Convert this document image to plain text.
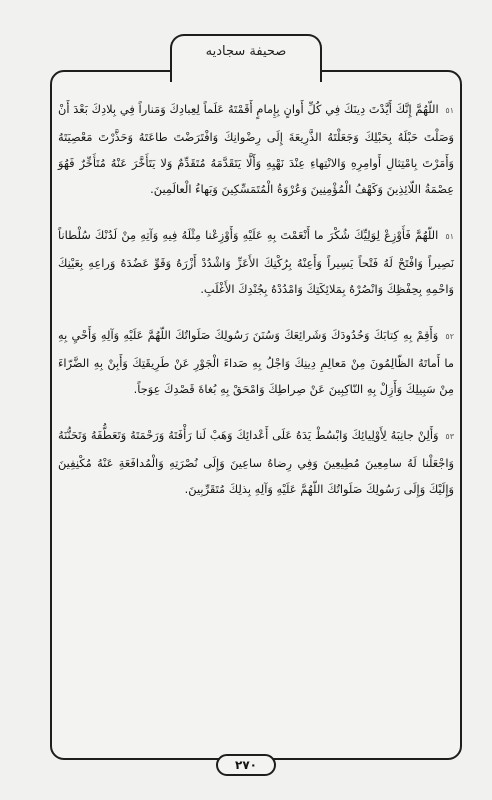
صحيفة سجاديه

٥١ اللّهُمَّ إِنَّكَ أَيَّدْتَ دِينَكَ فِي كُلِّ أَوانٍ بِإِمامٍ أَقَمْتَهُ عَلَماً لِعِبادِكَ وَمَناراً فِي بِلادِكَ بَعْدَ أَنْ وَصَلْتَ حَبْلَهُ بِحَبْلِكَ وَجَعَلْتَهُ الذَّرِيعَةَ إِلَى رِضْوانِكَ وَافْتَرَضْتَ طاعَتَهُ وَحَذَّرْتَ مَعْصِيَتَهُ وَأَمَرْتَ بِامْتِثالِ أَوامِرِهِ وَالانْتِهاءِ عِنْدَ نَهْيِهِ وَأَلَّا يَتَقَدَّمَهُ مُتَقَدِّمٌ وَلا يَتَأَخَّرَ عَنْهُ مُتَأَخِّرٌ فَهُوَ عِصْمَةُ اللّائِذِينَ وَكَهْفُ الْمُؤْمِنِينَ وَعُرْوَةُ الْمُتَمَسِّكِينَ وَبَهاءُ الْعالَمِينَ.

٥١ اللّهُمَّ فَأَوْزِعْ لِوَلِيِّكَ شُكْرَ ما أَنْعَمْتَ بِهِ عَلَيْهِ وَأَوْزِعْنا مِثْلَهُ فِيهِ وَآتِهِ مِنْ لَدُنْكَ سُلْطاناً نَصِيراً وَافْتَحْ لَهُ فَتْحاً يَسِيراً وَأَعِنْهُ بِرُكْنِكَ الأَعَزِّ وَاشْدُدْ أَزْرَهُ وَقَوِّ عَضُدَهُ وَراعِهِ بِعَيْنِكَ وَاحْمِهِ بِحِفْظِكَ وَانْصُرْهُ بِمَلائِكَتِكَ وَامْدُدْهُ بِجُنْدِكَ الأَغْلَبِ.

٥٢ وَأَقِمْ بِهِ كِتابَكَ وَحُدُودَكَ وَشَرائِعَكَ وَسُنَنَ رَسُولِكَ صَلَواتُكَ اللّهُمَّ عَلَيْهِ وَآلِهِ وَأَحْيِ بِهِ ما أَماتَهُ الظّالِمُونَ مِنْ مَعالِمِ دِينِكَ وَاجْلُ بِهِ صَداءَ الْجَوْرِ عَنْ طَرِيقَتِكَ وَأَبِنْ بِهِ الضَّرّاءَ مِنْ سَبِيلِكَ وَأَزِلْ بِهِ النّاكِبِينَ عَنْ صِراطِكَ وَامْحَقْ بِهِ بُغاةَ قَصْدِكَ عِوَجاً.

٥٣ وَأَلِنْ جانِبَهُ لِأَوْلِيائِكَ وَابْسُطْ يَدَهُ عَلَى أَعْدائِكَ وَهَبْ لَنا رَأْفَتَهُ وَرَحْمَتَهُ وَتَعَطُّفَهُ وَتَحَنُّنَهُ وَاجْعَلْنا لَهُ سامِعِينَ مُطِيعِينَ وَفِي رِضاهُ ساعِينَ وَإِلَى نُصْرَتِهِ وَالْمُدافَعَةِ عَنْهُ مُكْنِفِينَ وَإِلَيْكَ وَإِلَى رَسُولِكَ صَلَواتُكَ اللّهُمَّ عَلَيْهِ وَآلِهِ بِذلِكَ مُتَقَرِّبِينَ.

٢٧٠
